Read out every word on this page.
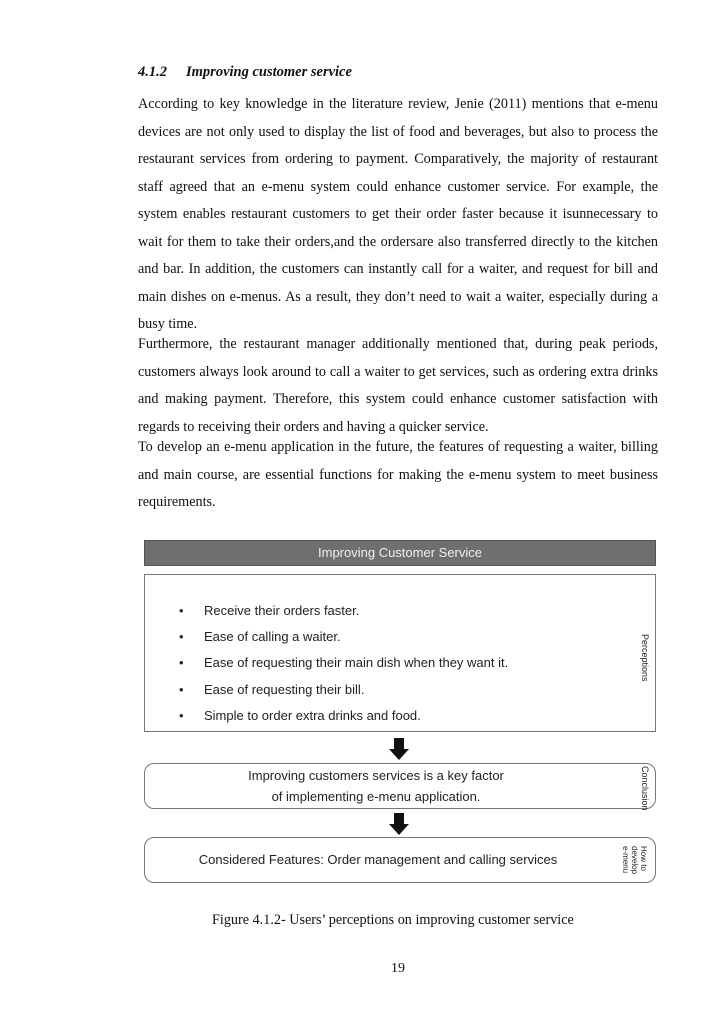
4.1.2 Improving customer service

According to key knowledge in the literature review, Jenie (2011) mentions that e-menu devices are not only used to display the list of food and beverages, but also to process the restaurant services from ordering to payment. Comparatively, the majority of restaurant staff agreed that an e-menu system could enhance customer service. For example, the system enables restaurant customers to get their order faster because it isunnecessary to wait for them to take their orders,and the ordersare also transferred directly to the kitchen and bar. In addition, the customers can instantly call for a waiter, and request for bill and main dishes on e-menus. As a result, they don’t need to wait a waiter, especially during a busy time.

Furthermore, the restaurant manager additionally mentioned that, during peak periods, customers always look around to call a waiter to get services, such as ordering extra drinks and making payment. Therefore, this system could enhance customer satisfaction with regards to receiving their orders and having a quicker service.

To develop an e-menu application in the future, the features of requesting a waiter, billing and main course, are essential functions for making the e-menu system to meet business requirements.

Improving Customer Service
• Receive their orders faster.
• Ease of calling a waiter.
• Ease of requesting their main dish when they want it.
• Ease of requesting their bill.
• Simple to order extra drinks and food.
Perceptions
Improving customers services is a key factor
of implementing e-menu application.	Conclusion
Considered Features: Order management and calling services	How to develop e-menu
Figure 4.1.2- Users’ perceptions on improving customer service
19
